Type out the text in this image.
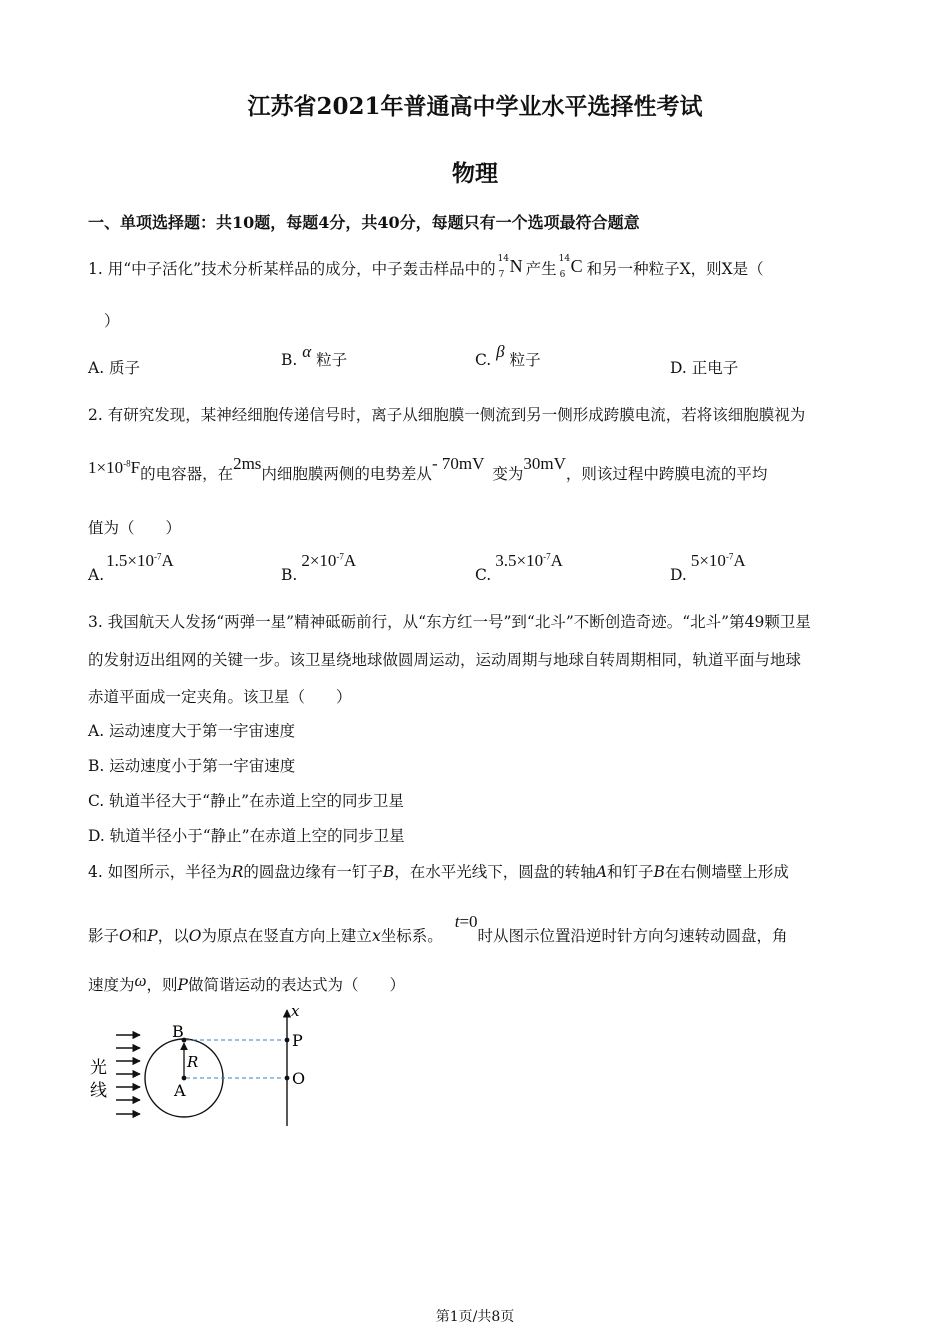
江苏省2021年普通高中学业水平选择性考试
物理
一、单项选择题：共10题，每题4分，共40分，每题只有一个选项最符合题意
1. 用“中子活化”技术分析某样品的成分，中子轰击样品中的
14
7 N 产生
14
6 C 和另一种粒子X，则X是（
）
A. 质子	B. α 粒子	C. β 粒子	D. 正电子
2. 有研究发现，某神经细胞传递信号时，离子从细胞膜一侧流到另一侧形成跨膜电流，若将该细胞膜视为
$1\times 10^{-8}F$的电容器，在2ms内细胞膜两侧的电势差从- 70mV变为30mV，则该过程中跨膜电流的平均
值为（　　）
$A.1.5\times 10^{-7}A$
$B.2\times 10^{-7}A$
$C.3.5\times 10^{-7}A$
$D.5\times 10^{-7}A$
3. 我国航天人发扬“两弹一星”精神砥砺前行，从“东方红一号”到“北斗”不断创造奇迹。“北斗”第49颗卫星
的发射迈出组网的关键一步。该卫星绕地球做圆周运动，运动周期与地球自转周期相同，轨道平面与地球
赤道平面成一定夹角。该卫星（　　）
A. 运动速度大于第一宇宙速度
B. 运动速度小于第一宇宙速度
C. 轨道半径大于“静止”在赤道上空的同步卫星
D. 轨道半径小于“静止”在赤道上空的同步卫星
4. 如图所示，半径为R的圆盘边缘有一钉子B，在水平光线下，圆盘的转轴A和钉子B在右侧墙壁上形成
影子O和P，以O为原点在竖直方向上建立x坐标系。t=0时从图示位置沿逆时针方向匀速转动圆盘，角
速度为ω，则P做简谐运动的表达式为（　　）
光
线
B
A
R
x
P
O
第1页/共8页
